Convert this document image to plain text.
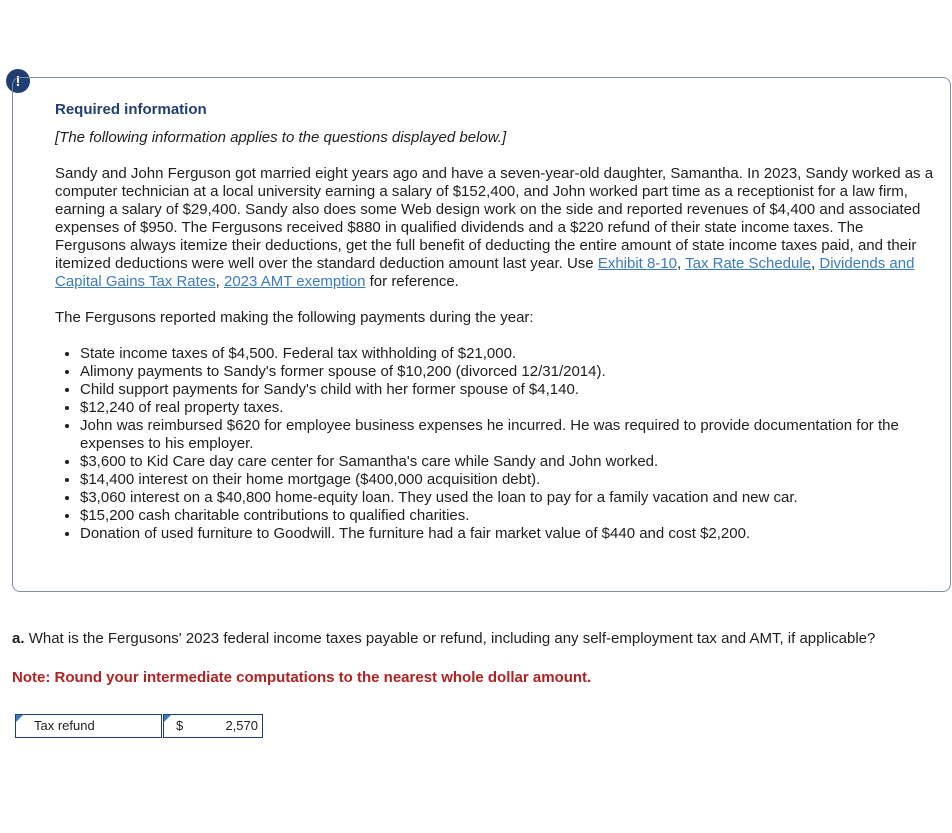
!

Required information

[The following information applies to the questions displayed below.]

Sandy and John Ferguson got married eight years ago and have a seven-year-old daughter, Samantha. In 2023, Sandy worked as a computer technician at a local university earning a salary of $152,400, and John worked part time as a receptionist for a law firm, earning a salary of $29,400. Sandy also does some Web design work on the side and reported revenues of $4,400 and associated expenses of $950. The Fergusons received $880 in qualified dividends and a $220 refund of their state income taxes. The Fergusons always itemize their deductions, get the full benefit of deducting the entire amount of state income taxes paid, and their itemized deductions were well over the standard deduction amount last year. Use Exhibit 8-10, Tax Rate Schedule, Dividends and Capital Gains Tax Rates, 2023 AMT exemption for reference.

The Fergusons reported making the following payments during the year:

• State income taxes of $4,500. Federal tax withholding of $21,000.
• Alimony payments to Sandy's former spouse of $10,200 (divorced 12/31/2014).
• Child support payments for Sandy's child with her former spouse of $4,140.
• $12,240 of real property taxes.
• John was reimbursed $620 for employee business expenses he incurred. He was required to provide documentation for the expenses to his employer.
• $3,600 to Kid Care day care center for Samantha's care while Sandy and John worked.
• $14,400 interest on their home mortgage ($400,000 acquisition debt).
• $3,060 interest on a $40,800 home-equity loan. They used the loan to pay for a family vacation and new car.
• $15,200 cash charitable contributions to qualified charities.
• Donation of used furniture to Goodwill. The furniture had a fair market value of $440 and cost $2,200.
a. What is the Fergusons' 2023 federal income taxes payable or refund, including any self-employment tax and AMT, if applicable?
Note: Round your intermediate computations to the nearest whole dollar amount.
Tax refund	$	2,570
